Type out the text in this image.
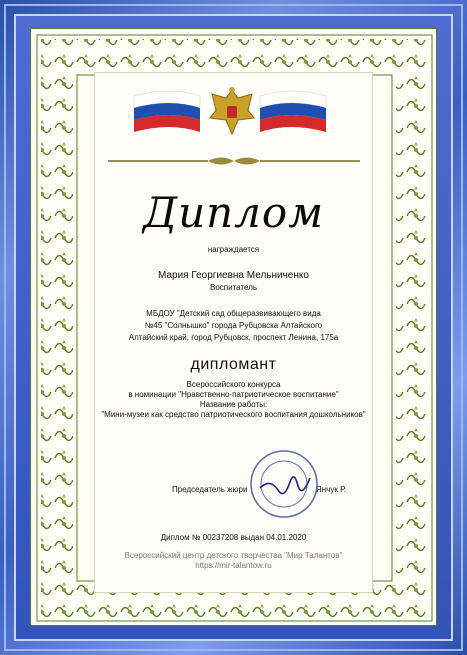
Диплом
награждается
Мария Георгиевна Мельниченко
Воспитатель
МБДОУ "Детский сад общеразвивающего вида
№45 "Солнышко" города Рубцовска Алтайского
Алтайский край, город Рубцовск, проспект Ленина, 175а
дипломант
Всероссийского конкурса
в номинации "Нравственно-патриотическое воспитание"
Название работы:
"Мини-музеи как средство патриотического воспитания дошкольников"
Председатель жюри	Янчук Р.
Диплом № 00237208 выдан 04.01.2020
Всероссийский центр детского творчества "Мир Талантов"
https://mir-talantow.ru
